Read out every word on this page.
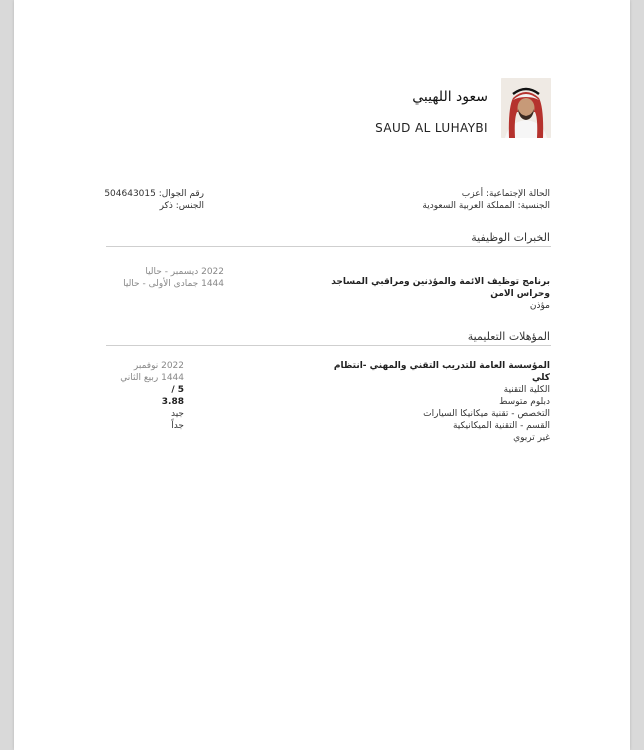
سعود اللهيبي
SAUD AL LUHAYBI
الحالة الإجتماعية: أعزب
الجنسية: المملكة العربية السعودية
رقم الجوال: 504643015
الجنس: ذكر
الخبرات الوظيفية
برنامج توظيف الائمة والمؤذنين ومراقبي المساجد
وحراس الامن
مؤذن
2022 ديسمبر - حاليا
1444 جمادى الأولى - حاليا
المؤهلات التعليمية
المؤسسة العامة للتدريب التقني والمهني -انتظام
كلي
الكلية التقنية
دبلوم متوسط
التخصص - تقنية ميكانيكا السيارات
القسم - التقنية الميكانيكية
غير تربوي
2022 نوفمبر
1444 ربيع الثاني
5 / 3.88
جيد جداً
